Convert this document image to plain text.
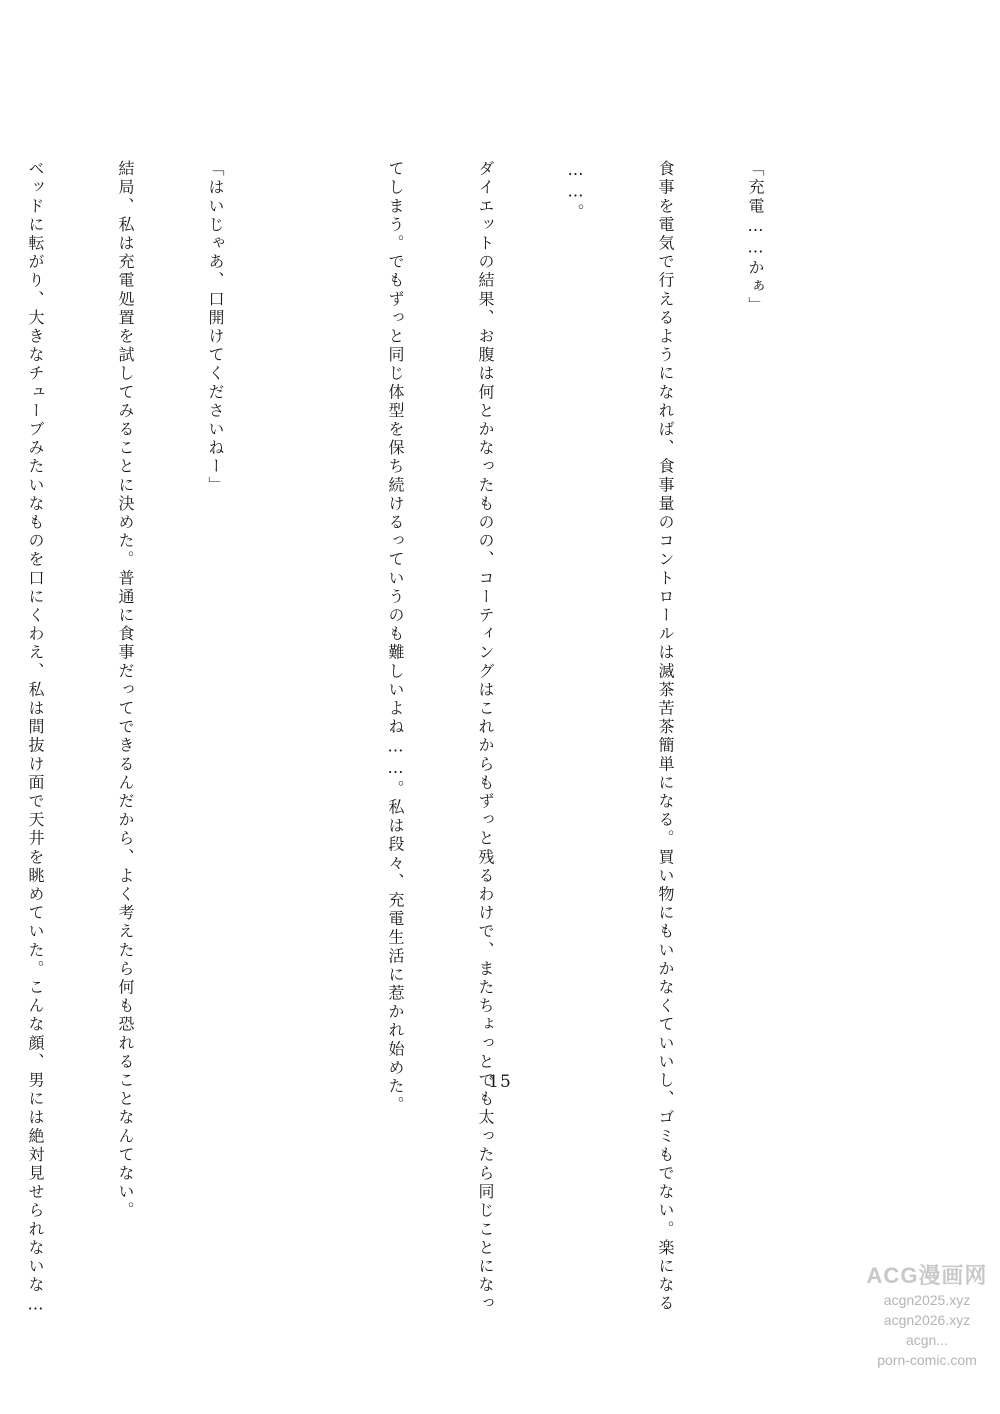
「充電……かぁ」

食事を電気で行えるようになれば、食事量のコントロールは滅茶苦茶簡単になる。買い物にもいかなくていいし、ゴミもでない。楽になる

……。

ダイエットの結果、お腹は何とかなったものの、コーティングはこれからもずっと残るわけで、またちょっとでも太ったら同じことになっ

てしまう。でもずっと同じ体型を保ち続けるっていうのも難しいよね……。私は段々、充電生活に惹かれ始めた。

「はいじゃあ、口開けてくださいねー」

結局、私は充電処置を試してみることに決めた。普通に食事だってできるんだから、よく考えたら何も恐れることなんてない。

ベッドに転がり、大きなチューブみたいなものを口にくわえ、私は間抜け面で天井を眺めていた。こんな顔、男には絶対見せられないな…

	15
ACG漫画网
acgn2025.xyz
acgn2026.xyz
acgn...
porn-comic.com
